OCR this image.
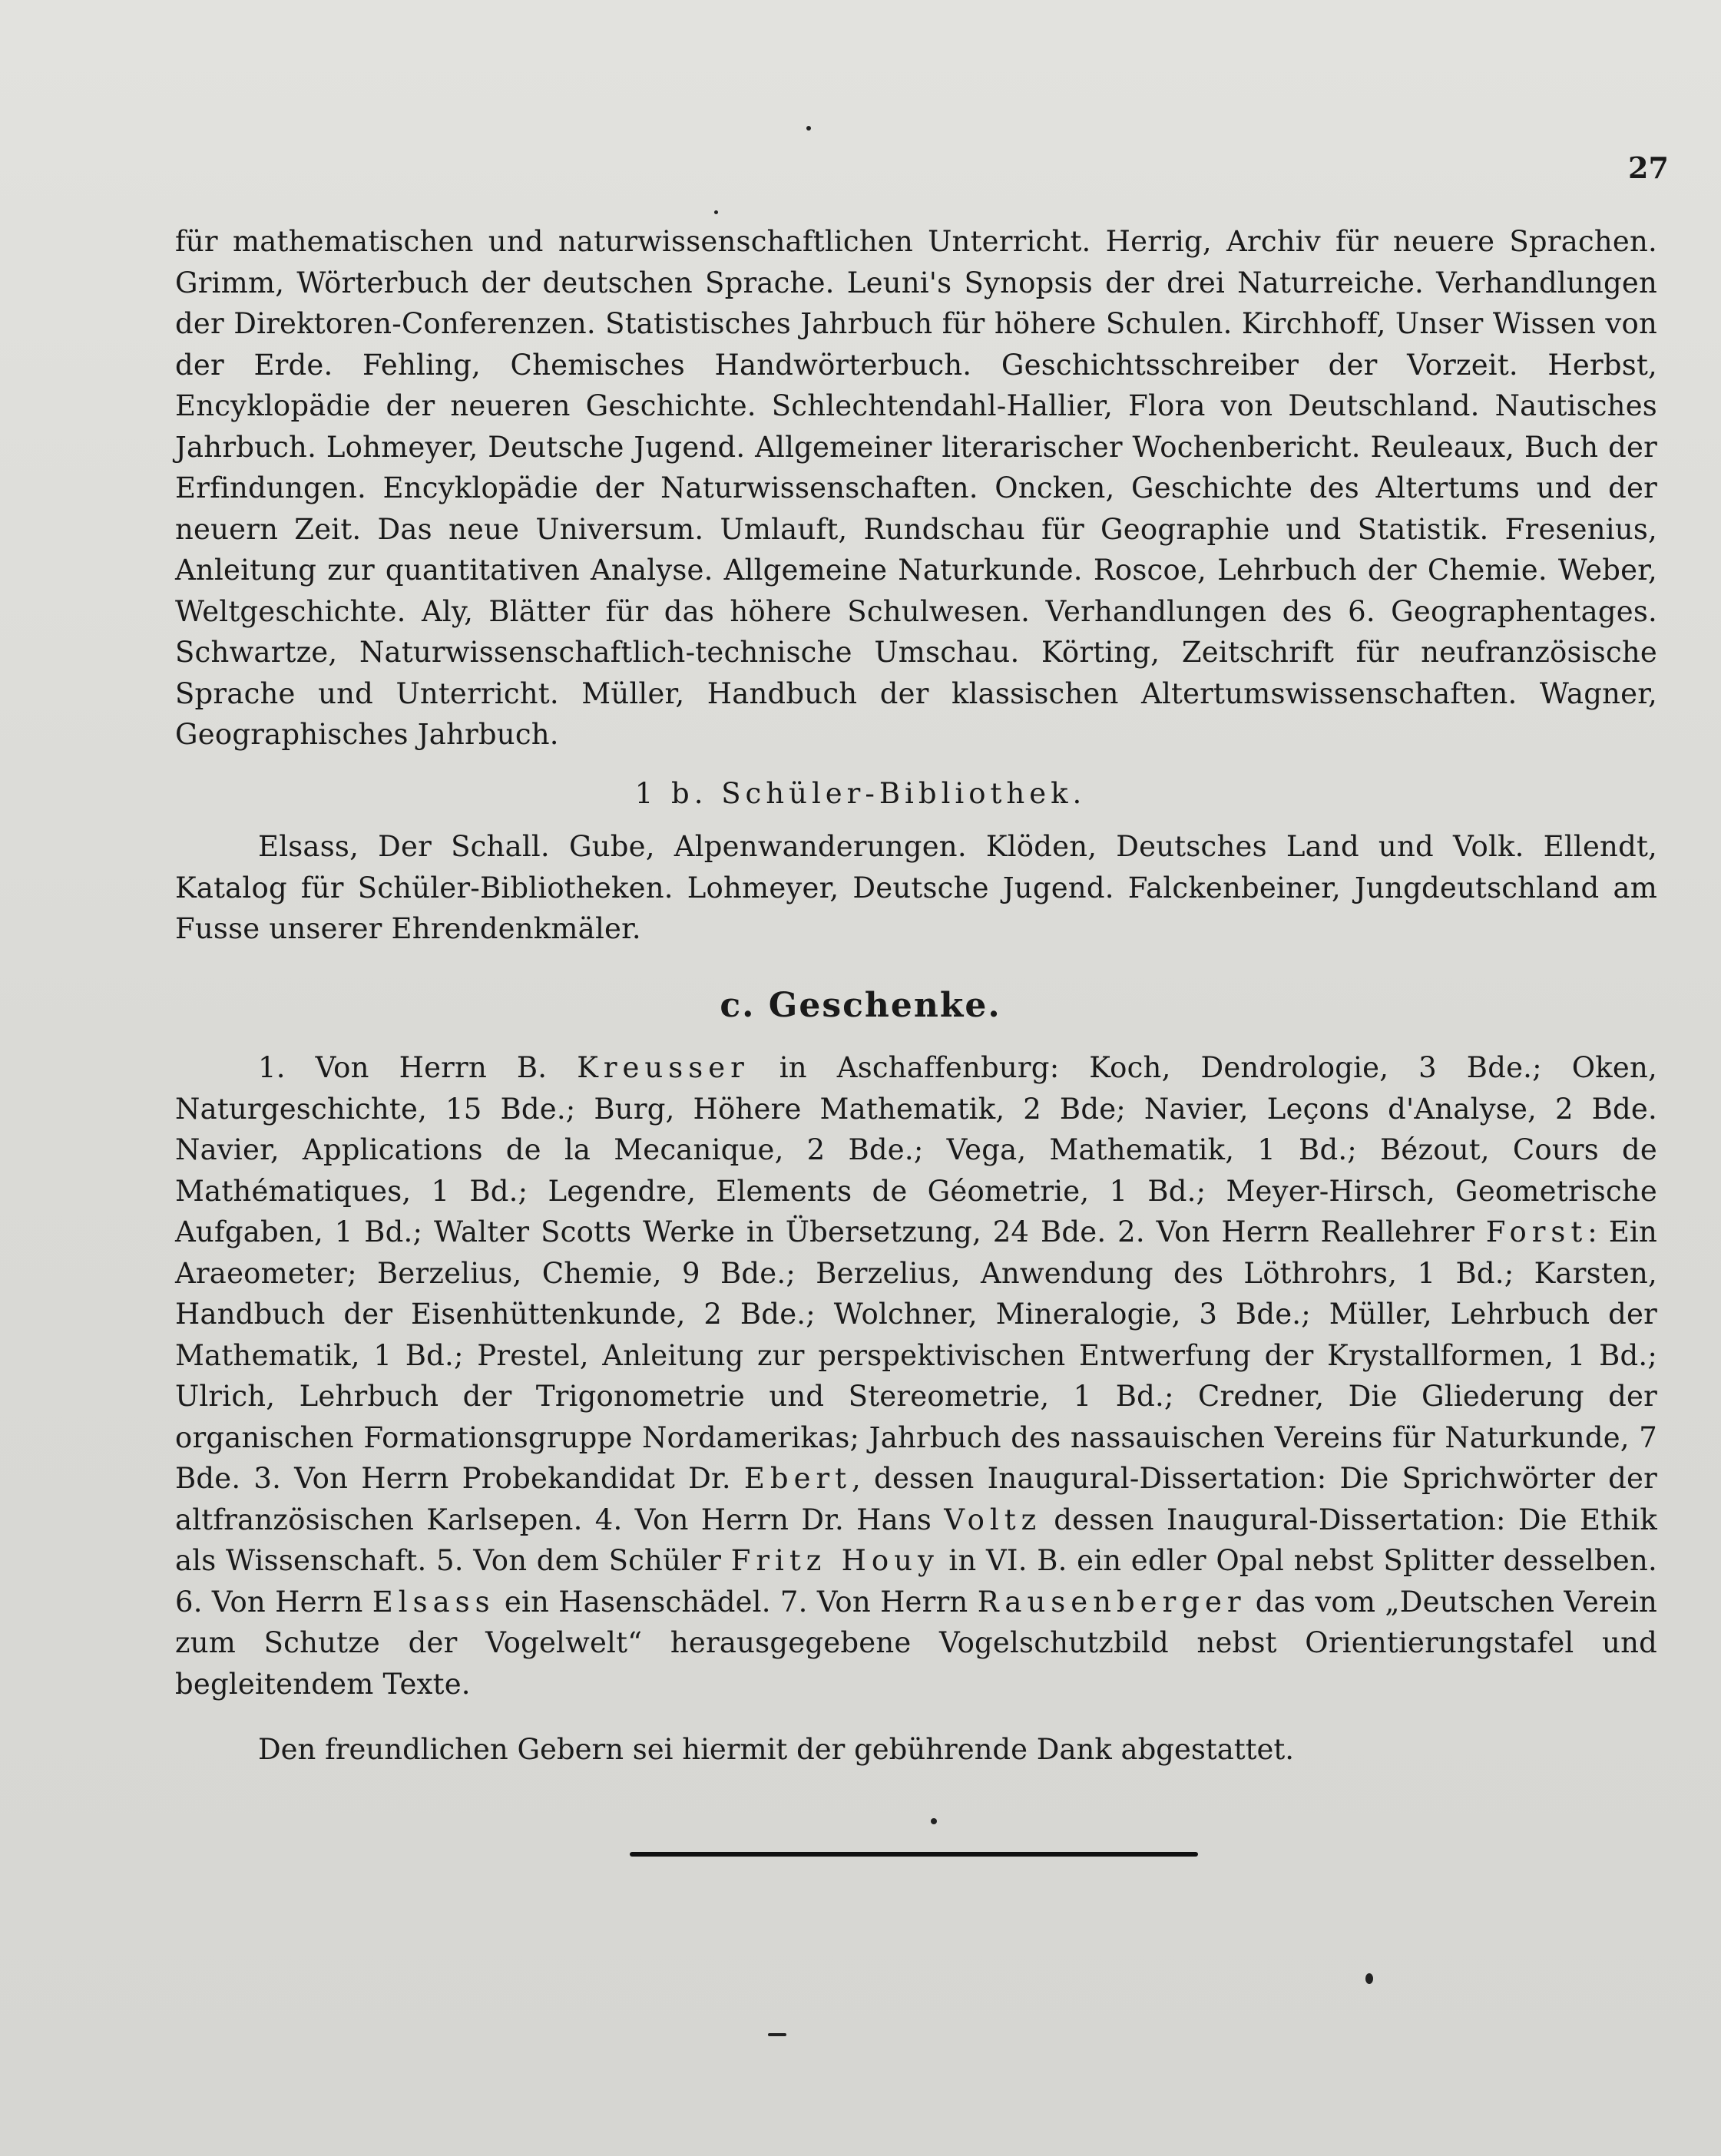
27

für mathematischen und naturwissenschaftlichen Unterricht. Herrig, Archiv für neuere Sprachen. Grimm, Wörterbuch der deutschen Sprache. Leuni's Synopsis der drei Naturreiche. Verhandlungen der Direktoren-Conferenzen. Statistisches Jahrbuch für höhere Schulen. Kirchhoff, Unser Wissen von der Erde. Fehling, Chemisches Handwörterbuch. Geschichtsschreiber der Vorzeit. Herbst, Encyklopädie der neueren Geschichte. Schlechtendahl-Hallier, Flora von Deutschland. Nautisches Jahrbuch. Lohmeyer, Deutsche Jugend. Allgemeiner literarischer Wochenbericht. Reuleaux, Buch der Erfindungen. Encyklopädie der Naturwissenschaften. Oncken, Geschichte des Altertums und der neuern Zeit. Das neue Universum. Umlauft, Rundschau für Geographie und Statistik. Fresenius, Anleitung zur quantitativen Analyse. Allgemeine Naturkunde. Roscoe, Lehrbuch der Chemie. Weber, Weltgeschichte. Aly, Blätter für das höhere Schulwesen. Verhandlungen des 6. Geographentages. Schwartze, Naturwissenschaftlich-technische Umschau. Körting, Zeitschrift für neufranzösische Sprache und Unterricht. Müller, Handbuch der klassischen Altertumswissenschaften. Wagner, Geographisches Jahrbuch.

1 b. Schüler-Bibliothek.

Elsass, Der Schall. Gube, Alpenwanderungen. Klöden, Deutsches Land und Volk. Ellendt, Katalog für Schüler-Bibliotheken. Lohmeyer, Deutsche Jugend. Falckenbeiner, Jungdeutschland am Fusse unserer Ehrendenkmäler.

c. Geschenke.

1. Von Herrn B. Kreusser in Aschaffenburg: Koch, Dendrologie, 3 Bde.; Oken, Naturgeschichte, 15 Bde.; Burg, Höhere Mathematik, 2 Bde; Navier, Leçons d'Analyse, 2 Bde. Navier, Applications de la Mecanique, 2 Bde.; Vega, Mathematik, 1 Bd.; Bézout, Cours de Mathématiques, 1 Bd.; Legendre, Elements de Géometrie, 1 Bd.; Meyer-Hirsch, Geometrische Aufgaben, 1 Bd.; Walter Scotts Werke in Übersetzung, 24 Bde. 2. Von Herrn Reallehrer Forst: Ein Araeometer; Berzelius, Chemie, 9 Bde.; Berzelius, Anwendung des Löthrohrs, 1 Bd.; Karsten, Handbuch der Eisenhüttenkunde, 2 Bde.; Wolchner, Mineralogie, 3 Bde.; Müller, Lehrbuch der Mathematik, 1 Bd.; Prestel, Anleitung zur perspektivischen Entwerfung der Krystallformen, 1 Bd.; Ulrich, Lehrbuch der Trigonometrie und Stereometrie, 1 Bd.; Credner, Die Gliederung der organischen Formationsgruppe Nordamerikas; Jahrbuch des nassauischen Vereins für Naturkunde, 7 Bde. 3. Von Herrn Probekandidat Dr. Ebert, dessen Inaugural-Dissertation: Die Sprichwörter der altfranzösischen Karlsepen. 4. Von Herrn Dr. Hans Voltz dessen Inaugural-Dissertation: Die Ethik als Wissenschaft. 5. Von dem Schüler Fritz Houy in VI. B. ein edler Opal nebst Splitter desselben. 6. Von Herrn Elsass ein Hasenschädel. 7. Von Herrn Rausenberger das vom „Deutschen Verein zum Schutze der Vogelwelt“ herausgegebene Vogelschutzbild nebst Orientierungstafel und begleitendem Texte.

Den freundlichen Gebern sei hiermit der gebührende Dank abgestattet.
